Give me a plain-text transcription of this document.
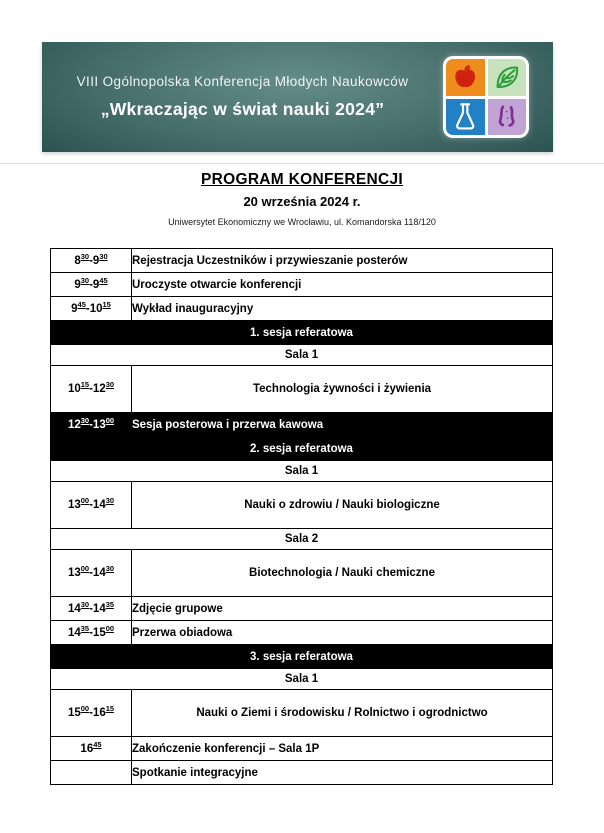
VIII Ogólnopolska Konferencja Młodych Naukowców
„Wkraczając w świat nauki 2024”
PROGRAM KONFERENCJI
20 września 2024 r.
Uniwersytet Ekonomiczny we Wrocławiu, ul. Komandorska 118/120
$8^{30}-9^{30}$	Rejestracja Uczestników i przywieszanie posterów
$9^{30}-9^{45}$	Uroczyste otwarcie konferencji
$9^{45}-10^{15}$	Wykład inauguracyjny
1. sesja referatowa	
Sala 1	
$10^{15}-12^{30}$	Technologia żywności i żywienia
$12^{30}-13^{00}$	Sesja posterowa i przerwa kawowa
2. sesja referatowa	
Sala 1	
$13^{00}-14^{30}$	Nauki o zdrowiu / Nauki biologiczne
Sala 2	
$13^{00}-14^{30}$	Biotechnologia / Nauki chemiczne
$14^{30}-14^{35}$	Zdjęcie grupowe
$14^{35}-15^{00}$	Przerwa obiadowa
3. sesja referatowa	
Sala 1	
$15^{00}-16^{15}$	Nauki o Ziemi i środowisku / Rolnictwo i ogrodnictwo
$16^{45}$	Zakończenie konferencji – Sala 1P
	Spotkanie integracyjne
